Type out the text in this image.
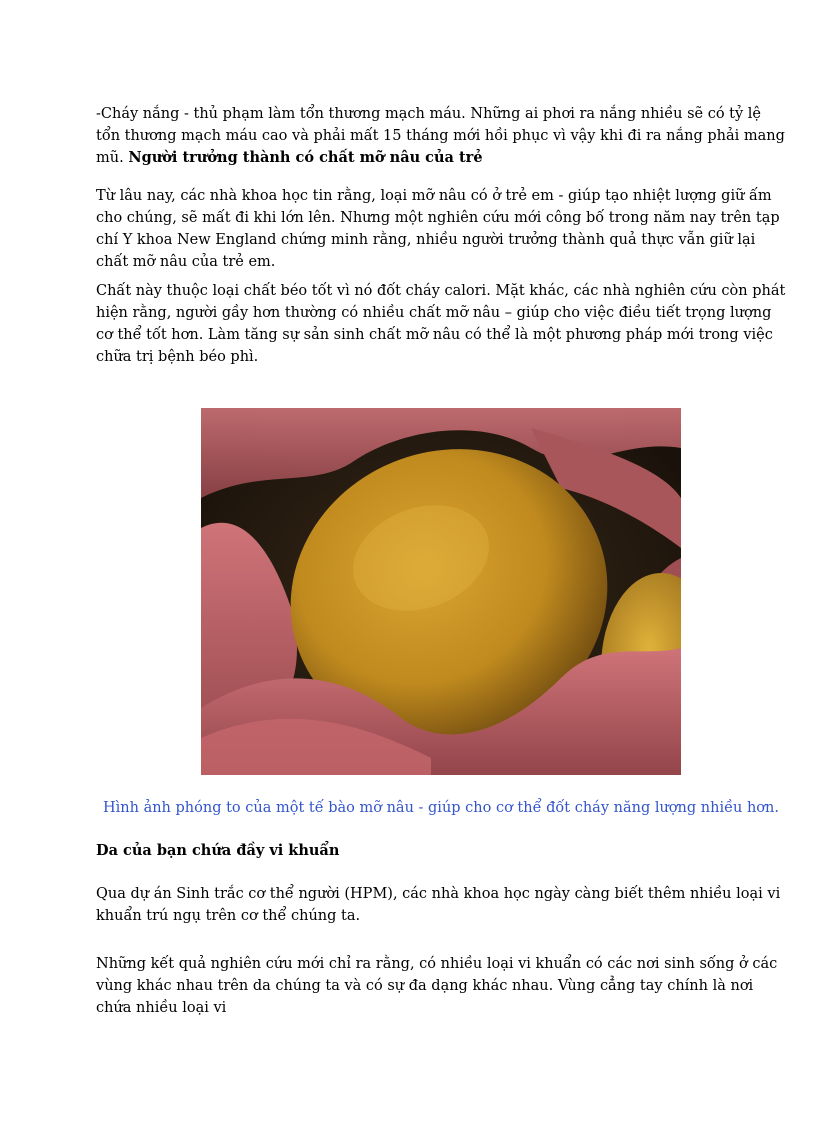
-Cháy nắng - thủ phạm làm tổn thương mạch máu. Những ai phơi ra nắng nhiều sẽ có tỷ lệ tổn thương mạch máu cao và phải mất 15 tháng mới hồi phục vì vậy khi đi ra nắng phải mang mũ. Người trưởng thành có chất mỡ nâu của trẻ

Từ lâu nay, các nhà khoa học tin rằng, loại mỡ nâu có ở trẻ em - giúp tạo nhiệt lượng giữ ấm cho chúng, sẽ mất đi khi lớn lên. Nhưng một nghiên cứu mới công bố trong năm nay trên tạp chí Y khoa New England chứng minh rằng, nhiều người trưởng thành quả thực vẫn giữ lại chất mỡ nâu của trẻ em.

Chất này thuộc loại chất béo tốt vì nó đốt cháy calori. Mặt khác, các nhà nghiên cứu còn phát hiện rằng, người gầy hơn thường có nhiều chất mỡ nâu – giúp cho việc điều tiết trọng lượng cơ thể tốt hơn. Làm tăng sự sản sinh chất mỡ nâu có thể là một phương pháp mới trong việc chữa trị bệnh béo phì.

Hình ảnh phóng to của một tế bào mỡ nâu - giúp cho cơ thể đốt cháy năng lượng nhiều hơn.

Da của bạn chứa đầy vi khuẩn

Qua dự án Sinh trắc cơ thể người (HPM), các nhà khoa học ngày càng biết thêm nhiều loại vi khuẩn trú ngụ trên cơ thể chúng ta.

Những kết quả nghiên cứu mới chỉ ra rằng, có nhiều loại vi khuẩn có các nơi sinh sống ở các vùng khác nhau trên da chúng ta và có sự đa dạng khác nhau. Vùng cẳng tay chính là nơi chứa nhiều loại vi
